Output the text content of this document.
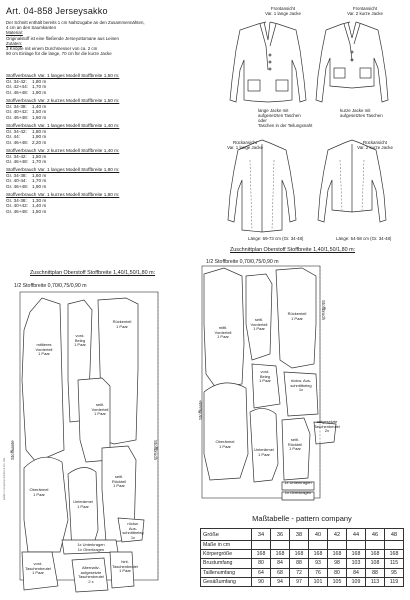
Art. 04-858 Jerseysakko
Der Schnitt enthält bereits 1 cm Nahtzugabe an den Zusammennähten,
4 cm an den Saumkanten
Material:
Originalstoff ist eine fließende Jerseyottomane aus Leinen
Zutaten:
3 Knöpfe mit einem Durchmesser von ca. 2 cm
90 cm Einlage für die lange, 70 cm für die kurze Jacke
Stoffverbrauch Var. 1 langes Modell Stoffbreite 1,50 m:
Gr. 34-42: 1,80 m
Gr. 42+44: 1,70 m
Gr. 46+48: 1,90 m
Stoffverbrauch Var. 2 kurzes Modell Stoffbreite 1,50 m:
Gr. 34-38: 1,40 m
Gr. 40+42: 1,50 m
Gr. 46+48: 1,60 m
Stoffverbrauch Var. 1 langes Modell Stoffbreite 1,40 m:
Gr. 34-42: 1,80 m
Gr. 44:	1,90 m
Gr. 46+48: 2,20 m
Stoffverbrauch Var. 2 kurzes Modell Stoffbreite 1,40 m:
Gr. 34-42: 1,50 m
Gr. 46+48: 1,70 m
Stoffverbrauch Var. 1 langes Modell Stoffbreite 1,80 m:
Gr. 34-38: 1,60 m
Gr. 40-44: 1,70 m
Gr. 46+48: 1,90 m
Stoffverbrauch Var. 1 kurzes Modell Stoffbreite 1,80 m:
Gr. 34-38: 1,30 m
Gr. 40+42: 1,40 m
Gr. 46+48: 1,50 m
Frontansicht
Var. 1 lange Jacke
Frontansicht
Var. 2 kurze Jacke
lange Jacke mit
aufgesetzten Taschen
oder
Taschen in der Teilungsnaht
kurze Jacke mit
aufgesetzten Taschen
Rückansicht
Var. 1 lange Jacke
Rückansicht
Var. 2 kurze Jacke
Länge: 69-73 cm (Gr. 34-48)	Länge: 54-58 cm (Gr. 34-48)
Zuschnittplan Oberstoff Stoffbreite 1,40/1,50/1,80 m:
1/2 Stoffbreite 0,70/0,75/0,90 m
mittleres
Vorderteil
1 Paar
vord.
Beleg
1 Paar
Rückenteil
1 Paar
seitl.
Vorderteil
1 Paar
Oberärmel
1 Paar
Unterärmel
1 Paar
seitl.
Rückteil
1 Paar
vord.
Taschenbeutel
1 Paar
1x Unterkragen
1x Oberkragen
rückw.
Aus-
schnittbeleg
1x
Alternativ-
aufgesetzte
Taschenbeutel
2 x
hint.
Taschenbeutel
1 Paar
Stoffbruch
Stoffkante
Zuschnittplan Oberstoff Stoffbreite 1,40/1,50/1,80 m:
1/2 Stoffbreite 0,70/0,75/0,90 m
mittl.
Vorderteil
1 Paar
seitl.
Vorderteil
1 Paar
Rückenteil
1 Paar
vord.
Beleg
1 Paar	rückw. Aus-
schnittbeleg
1x
Oberärmel
1 Paar
Unterärmel
1 Paar
seitl.
Rückteil
1 Paar
aufgesetzte
Taschenbeutel
2x
1x Unterkragen
1x Oberkragen
Stoffbruch
Stoffkante
Maßtabelle - pattern company
Größe	34	36	38	40	42	44	46	48
Maße in cm								
Körpergröße	168	168	168	168	168	168	168	168
Brustumfang	80	84	88	93	98	103	108	115
Taillenumfang	64	68	72	76	80	84	88	95
Gesäßumfang	90	94	97	101	105	109	113	119
pattern company GmbH & Co. KG
